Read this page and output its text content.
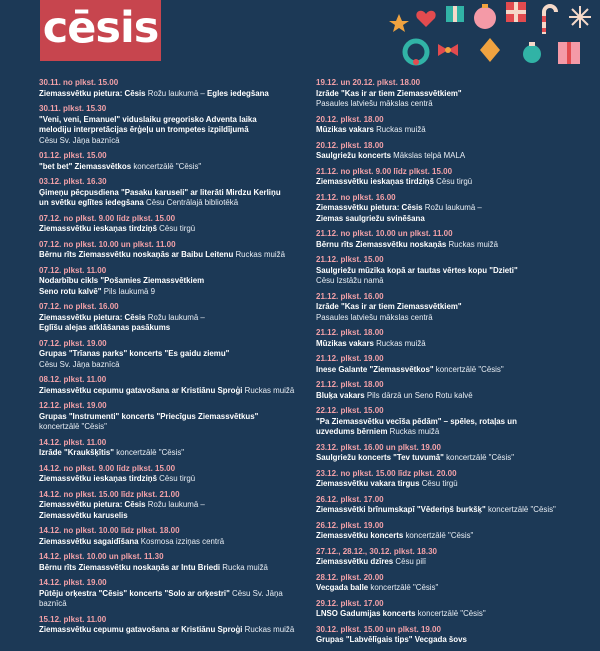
cēsis
30.11. no plkst. 15.00
Ziemassvētku pietura: Cēsis Rožu laukumā – Egles iedegšana
30.11. plkst. 15.30
"Veni, veni, Emanuel" viduslaiku gregorisko Adventa laika
melodiju interpretācijas ērģeļu un trompetes izpildījumā
Cēsu Sv. Jāņa baznīcā
01.12. plkst. 15.00
"bet bet" Ziemassvētkos koncertzālē "Cēsis"
03.12. plkst. 16.30
Ģimeņu pēcpusdiena "Pasaku karuseli" ar literāti Mirdzu Kerliņu
un svētku eglītes iedegšana Cēsu Centrālajā bibliotēkā
07.12. no plkst. 9.00 līdz plkst. 15.00
Ziemassvētku ieskaņas tirdziņš Cēsu tirgū
07.12. no plkst. 10.00 un plkst. 11.00
Bērnu rīts Ziemassvētku noskaņās ar Baibu Leitenu Ruckas muižā
07.12. plkst. 11.00
Nodarbību cikls "Pošamies Ziemassvētkiem
Seno rotu kalvē" Pils laukumā 9
07.12. no plkst. 16.00
Ziemassvētku pietura: Cēsis Rožu laukumā –
Eglīšu alejas atklāšanas pasākums
07.12. plkst. 19.00
Grupas "Trīanas parks" koncerts "Es gaidu ziemu"
Cēsu Sv. Jāņa baznīcā
08.12. plkst. 11.00
Ziemassvētku cepumu gatavošana ar Kristiānu Sproģi Ruckas muižā
12.12. plkst. 19.00
Grupas "Instrumenti" koncerts "Priecīgus Ziemassvētkus"
koncertzālē "Cēsis"
14.12. plkst. 11.00
Izrāde "Kraukšķītis" koncertzālē "Cēsis"
14.12. no plkst. 9.00 līdz plkst. 15.00
Ziemassvētku ieskaņas tirdziņš Cēsu tirgū
14.12. no plkst. 15.00 līdz plkst. 21.00
Ziemassvētku pietura: Cēsis Rožu laukumā –
Ziemassvētku karuselis
14.12. no plkst. 10.00 līdz plkst. 18.00
Ziemassvētku sagaidīšana Kosmosa izziņas centrā
14.12. plkst. 10.00 un plkst. 11.30
Bērnu rīts Ziemassvētku noskaņās ar Intu Briedi Rucka muižā
14.12. plkst. 19.00
Pūtēju orķestra "Cēsis" koncerts "Solo ar orķestri" Cēsu Sv. Jāņa baznīcā
15.12. plkst. 11.00
Ziemassvētku cepumu gatavošana ar Kristiānu Sproģi Ruckas muižā
19.12. un 20.12. plkst. 18.00
Izrāde "Kas ir ar tiem Ziemassvētkiem"
Pasaules latviešu mākslas centrā
20.12. plkst. 18.00
Mūzikas vakars Ruckas muižā
20.12. plkst. 18.00
Saulgriežu koncerts Mākslas telpā MALA
21.12. no plkst. 9.00 līdz plkst. 15.00
Ziemassvētku ieskaņas tirdziņš Cēsu tirgū
21.12. no plkst. 16.00
Ziemassvētku pietura: Cēsis Rožu laukumā –
Ziemas saulgriežu svinēšana
21.12. no plkst. 10.00 un plkst. 11.00
Bērnu rīts Ziemassvētku noskaņās Ruckas muižā
21.12. plkst. 15.00
Saulgriežu mūzika kopā ar tautas vērtes kopu "Dzieti"
Cēsu Izstāžu namā
21.12. plkst. 16.00
Izrāde "Kas ir ar tiem Ziemassvētkiem"
Pasaules latviešu mākslas centrā
21.12. plkst. 18.00
Mūzikas vakars Ruckas muižā
21.12. plkst. 19.00
Inese Galante "Ziemassvētkos" koncertzālē "Cēsis"
21.12. plkst. 18.00
Bluķa vakars Pils dārzā un Seno Rotu kalvē
22.12. plkst. 15.00
"Pa Ziemassvētku vecīša pēdām" – spēles, rotaļas un
uzvedums bērniem Ruckas muižā
23.12. plkst. 16.00 un plkst. 19.00
Saulgriežu koncerts "Tev tuvumā" koncertzālē "Cēsis"
23.12. no plkst. 15.00 līdz plkst. 20.00
Ziemassvētku vakara tirgus Cēsu tirgū
26.12. plkst. 17.00
Ziemassvētki brīnumskapī "Vēderiņš burkšķ" koncertzālē "Cēsis"
26.12. plkst. 19.00
Ziemassvētku koncerts koncertzālē "Cēsis"
27.12., 28.12., 30.12. plkst. 18.30
Ziemassvētku dzīres Cēsu pilī
28.12. plkst. 20.00
Vecgada balle koncertzālē "Cēsis"
29.12. plkst. 17.00
LNSO Gadumijas koncerts koncertzālē "Cēsis"
30.12. plkst. 15.00 un plkst. 19.00
Grupas "Labvēlīgais tips" Vecgada šovs
